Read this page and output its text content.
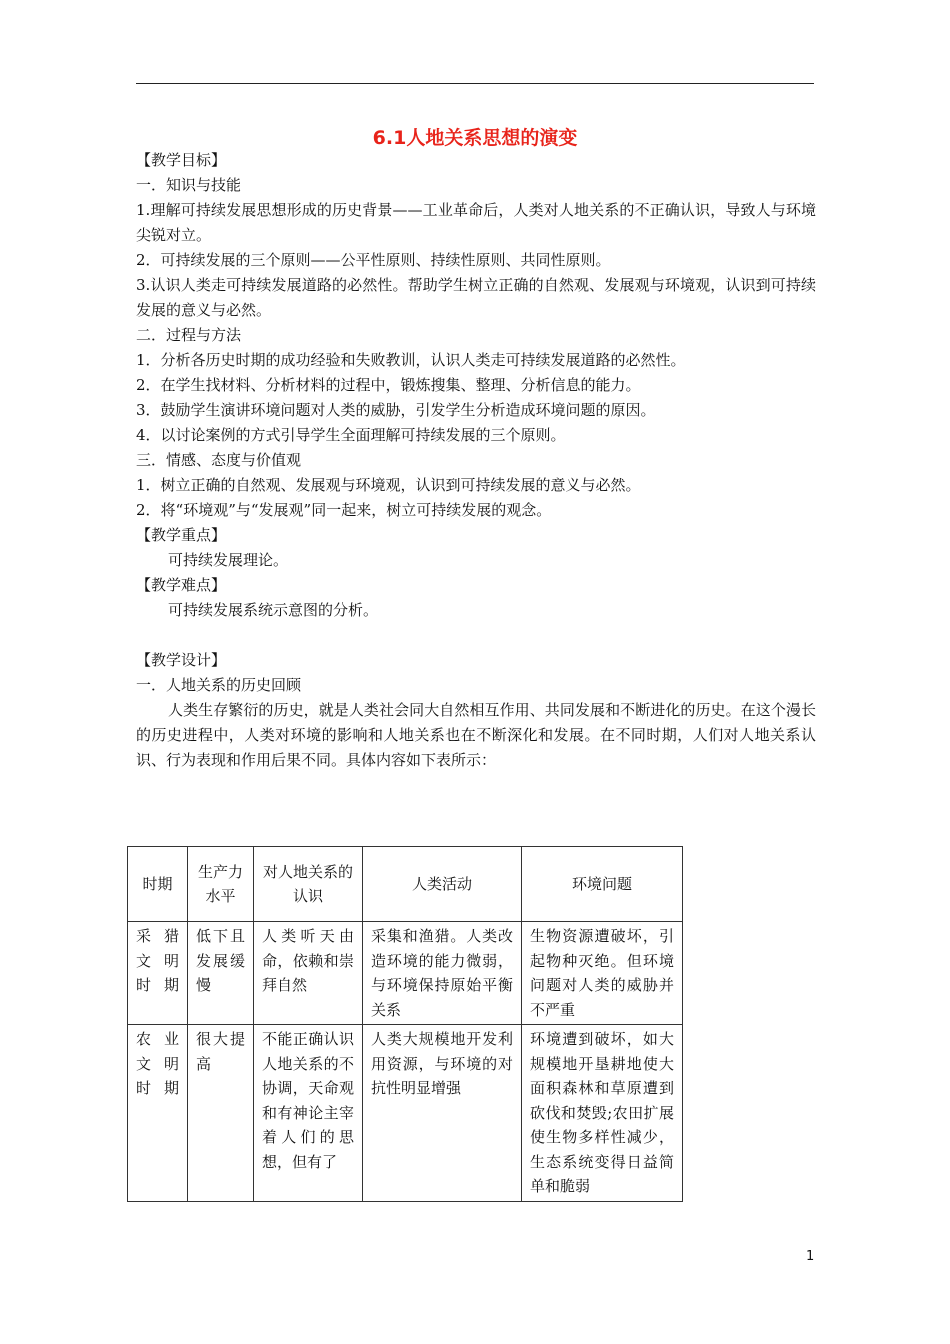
6.1人地关系思想的演变
【教学目标】
一．知识与技能
1.理解可持续发展思想形成的历史背景——工业革命后，人类对人地关系的不正确认识，导致人与环境尖锐对立。
2．可持续发展的三个原则——公平性原则、持续性原则、共同性原则。
3.认识人类走可持续发展道路的必然性。帮助学生树立正确的自然观、发展观与环境观，认识到可持续发展的意义与必然。
二．过程与方法
1．分析各历史时期的成功经验和失败教训，认识人类走可持续发展道路的必然性。
2．在学生找材料、分析材料的过程中，锻炼搜集、整理、分析信息的能力。
3．鼓励学生演讲环境问题对人类的威胁，引发学生分析造成环境问题的原因。
4．以讨论案例的方式引导学生全面理解可持续发展的三个原则。
三．情感、态度与价值观
1．树立正确的自然观、发展观与环境观，认识到可持续发展的意义与必然。
2．将“环境观”与“发展观”同一起来，树立可持续发展的观念。
【教学重点】
可持续发展理论。
【教学难点】
可持续发展系统示意图的分析。
【教学设计】
一．人地关系的历史回顾
人类生存繁衍的历史，就是人类社会同大自然相互作用、共同发展和不断进化的历史。在这个漫长的历史进程中，人类对环境的影响和人地关系也在不断深化和发展。在不同时期，人们对人地关系认识、行为表现和作用后果不同。具体内容如下表所示：
时期	生产力水平	对人地关系的认识	人类活动	环境问题
采猎文明时期	低下且发展缓慢	人类听天由命，依赖和崇拜自然	采集和渔猎。人类改造环境的能力微弱，与环境保持原始平衡关系	生物资源遭破坏，引起物种灭绝。但环境问题对人类的威胁并不严重
农业文明时期	很大提高	不能正确认识人地关系的不协调，天命观和有神论主宰着人们的思想，但有了	人类大规模地开发利用资源，与环境的对抗性明显增强	环境遭到破坏，如大规模地开垦耕地使大面积森林和草原遭到砍伐和焚毁;农田扩展使生物多样性减少，生态系统变得日益简单和脆弱
1
